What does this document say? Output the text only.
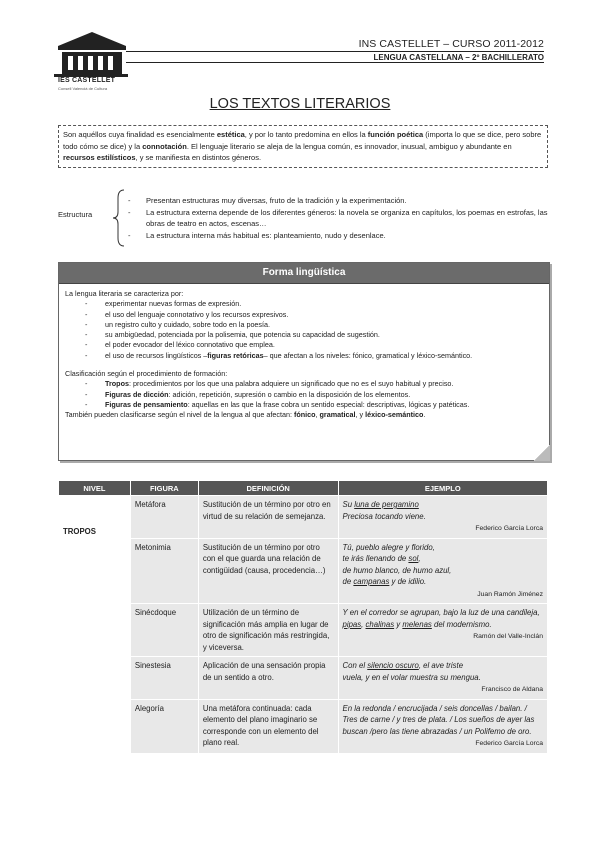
IES CASTELLET
Consell Valencià de Cultura
INS CASTELLET – CURSO 2011-2012
LENGUA CASTELLANA – 2º BACHILLERATO
LOS TEXTOS LITERARIOS
Son aquéllos cuya finalidad es esencialmente estética, y por lo tanto predomina en ellos la función poética (importa lo que se dice, pero sobre todo cómo se dice) y la connotación. El lenguaje literario se aleja de la lengua común, es innovador, inusual, ambiguo y abundante en recursos estilísticos, y se manifiesta en distintos géneros.
Estructura
- Presentan estructuras muy diversas, fruto de la tradición y la experimentación.
- La estructura externa depende de los diferentes géneros: la novela se organiza en capítulos, los poemas en estrofas, las obras de teatro en actos, escenas…
- La estructura interna más habitual es: planteamiento, nudo y desenlace.
Forma lingüística
La lengua literaria se caracteriza por:
- experimentar nuevas formas de expresión.
- el uso del lenguaje connotativo y los recursos expresivos.
- un registro culto y cuidado, sobre todo en la poesía.
- su ambigüedad, potenciada por la polisemia, que potencia su capacidad de sugestión.
- el poder evocador del léxico connotativo que emplea.
- el uso de recursos lingüísticos –figuras retóricas– que afectan a los niveles: fónico, gramatical y léxico-semántico.
Clasificación según el procedimiento de formación:
- Tropos: procedimientos por los que una palabra adquiere un significado que no es el suyo habitual y preciso.
- Figuras de dicción: adición, repetición, supresión o cambio en la disposición de los elementos.
- Figuras de pensamiento: aquellas en las que la frase cobra un sentido especial: descriptivas, lógicas y patéticas.
También pueden clasificarse según el nivel de la lengua al que afectan: fónico, gramatical, y léxico-semántico.
NIVEL	FIGURA	DEFINICIÓN	EJEMPLO
TROPOS	Metáfora	Sustitución de un término por otro en virtud de su relación de semejanza.	Su luna de pergamino
Preciosa tocando viene.
Federico García Lorca

	Metonimia	Sustitución de un término por otro con el que guarda una relación de contigüidad (causa, procedencia…)	Tú, pueblo alegre y florido,
te irás llenando de sol,
de humo blanco, de humo azul,
de campanas y de idilio.
Juan Ramón Jiménez

	Sinécdoque	Utilización de un término de significación más amplia en lugar de otro de significación más restringida, y viceversa.	Y en el corredor se agrupan, bajo la luz de una candileja, pipas, chalinas y melenas del modernismo.
Ramón del Valle-Inclán

	Sinestesia	Aplicación de una sensación propia de un sentido a otro.	Con el silencio oscuro, el ave triste
vuela, y en el volar muestra su mengua.
Francisco de Aldana

	Alegoría	Una metáfora continuada: cada elemento del plano imaginario se corresponde con un elemento del plano real.	En la redonda / encrucijada / seis doncellas / bailan. / Tres de carne / y tres de plata. / Los sueños de ayer las buscan /pero las tiene abrazadas / un Polifemo de oro.
Federico García Lorca
